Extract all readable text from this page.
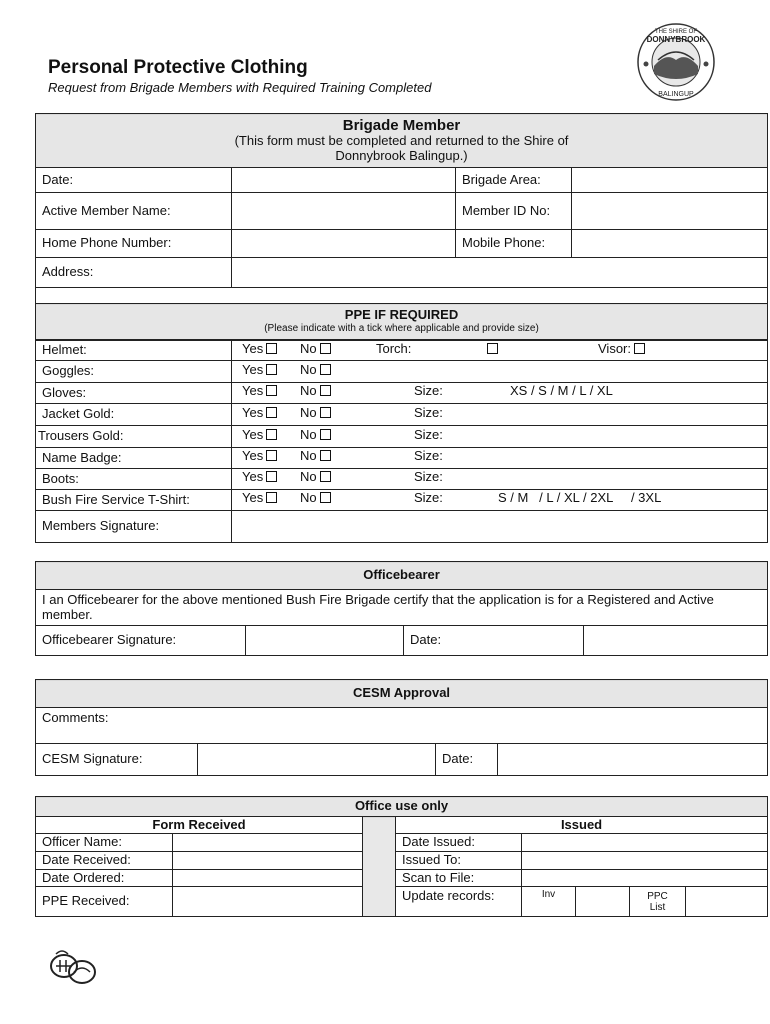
Personal Protective Clothing
Request from Brigade Members with Required Training Completed
THE SHIRE OF
DONNYBROOK
BALINGUP
Brigade Member
(This form must be completed and returned to the Shire of
Donnybrook Balingup.)			

Date:		Brigade Area:	
Active Member Name:		Member ID No:	
Home Phone Number:		Mobile Phone:	
Address:			

PPE IF REQUIRED
(Please indicate with a tick where applicable and provide size)			
Helmet:	Yes No Torch: Visor:

Goggles:	Yes No

Gloves:	Yes No Size: XS / S / M / L / XL

Jacket Gold:	Yes No Size:

Trousers Gold:	Yes No Size:

Name Badge:	Yes No Size:

Boots:	Yes No Size:

Bush Fire Service T-Shirt:	Yes No Size: S / M   / L / XL / 2XL     / 3XL

Members Signature:	
Officebearer

I an Officebearer for the above mentioned Bush Fire Brigade certify that the application is for a Registered and Active member.
Officebearer Signature:		Date:	
CESM Approval

Comments:
CESM Signature:		Date:	
Office use only							

Form Received			Issued				
Officer Name:			Date Issued:				
Date Received:			Issued To:				
Date Ordered:			Scan to File:				
PPE Received:			Update records:	Inv		PPC
List	
